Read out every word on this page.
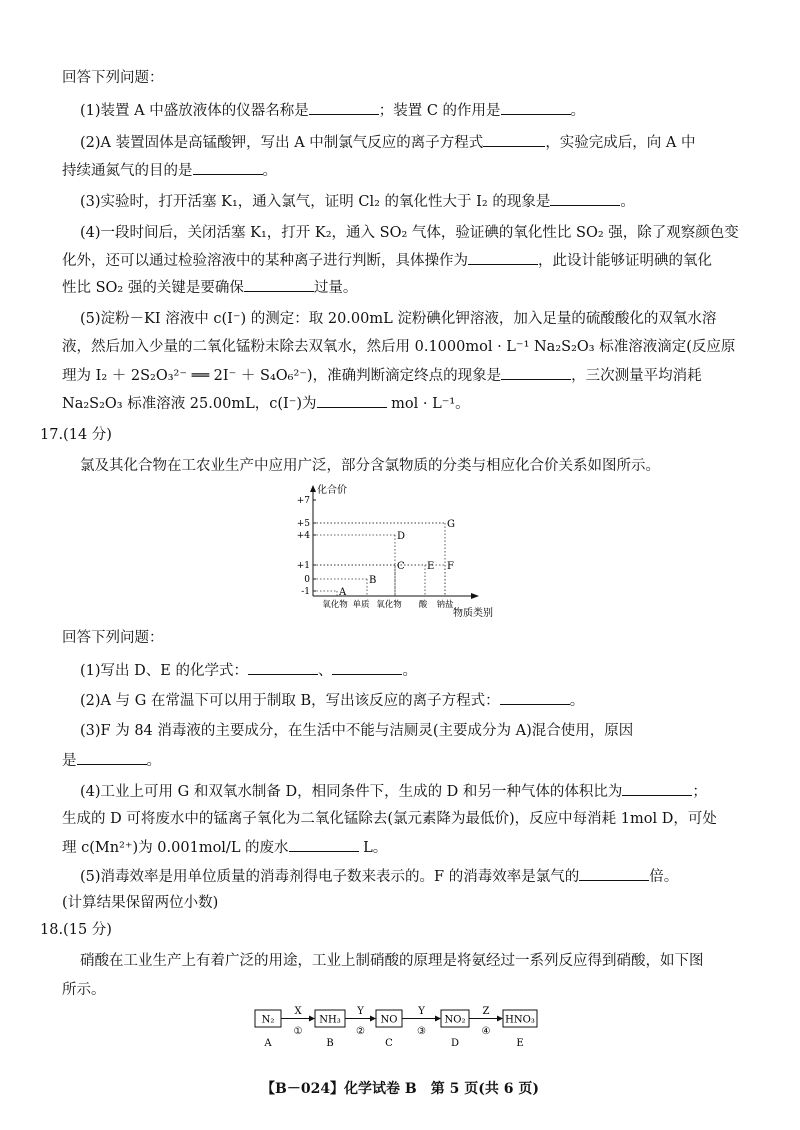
回答下列问题：
(1)装置 A 中盛放液体的仪器名称是	；装置 C 的作用是	。
(2)A 装置固体是高锰酸钾，写出 A 中制氯气反应的离子方程式	，实验完成后，向 A 中
持续通氮气的目的是	。
(3)实验时，打开活塞 K₁，通入氯气，证明 Cl₂ 的氧化性大于 I₂ 的现象是	。
(4)一段时间后，关闭活塞 K₁，打开 K₂，通入 SO₂ 气体，验证碘的氧化性比 SO₂ 强，除了观察颜色变
化外，还可以通过检验溶液中的某种离子进行判断，具体操作为	，此设计能够证明碘的氧化
性比 SO₂ 强的关键是要确保	过量。
(5)淀粉－KI 溶液中 c(I⁻) 的测定：取 20.00mL 淀粉碘化钾溶液，加入足量的硫酸酸化的双氧水溶
液，然后加入少量的二氧化锰粉末除去双氧水，然后用 0.1000mol · L⁻¹ Na₂S₂O₃ 标准溶液滴定(反应原
理为 I₂ ＋ 2S₂O₃²⁻ ══ 2I⁻ ＋ S₄O₆²⁻)，准确判断滴定终点的现象是	，三次测量平均消耗
Na₂S₂O₃ 标准溶液 25.00mL，c(I⁻)为	mol · L⁻¹。
17.(14 分)
氯及其化合物在工农业生产中应用广泛，部分含氯物质的分类与相应化合价关系如图所示。
化合价
物质类别
+7
+5
+4
+1
0
-1
氧化物 单质 氧化物 酸 钠盐
A
B
C
D
E F
G
回答下列问题：
(1)写出 D、E 的化学式：	、	。
(2)A 与 G 在常温下可以用于制取 B，写出该反应的离子方程式：	。
(3)F 为 84 消毒液的主要成分，在生活中不能与洁厕灵(主要成分为 A)混合使用，原因
是	。
(4)工业上可用 G 和双氧水制备 D，相同条件下，生成的 D 和另一种气体的体积比为	；
生成的 D 可将废水中的锰离子氧化为二氧化锰除去(氯元素降为最低价)，反应中每消耗 1mol D，可处
理 c(Mn²⁺)为 0.001mol/L 的废水	L。
(5)消毒效率是用单位质量的消毒剂得电子数来表示的。F 的消毒效率是氯气的	倍。
(计算结果保留两位小数)
18.(15 分)
硝酸在工业生产上有着广泛的用途，工业上制硝酸的原理是将氨经过一系列反应得到硝酸，如下图
所示。
N₂
A
NH₃
B
NO
C
NO₂
D
HNO₃
E
X
①
Y
②
Y
③
Z
④
【B－024】化学试卷 B　第 5 页(共 6 页)
